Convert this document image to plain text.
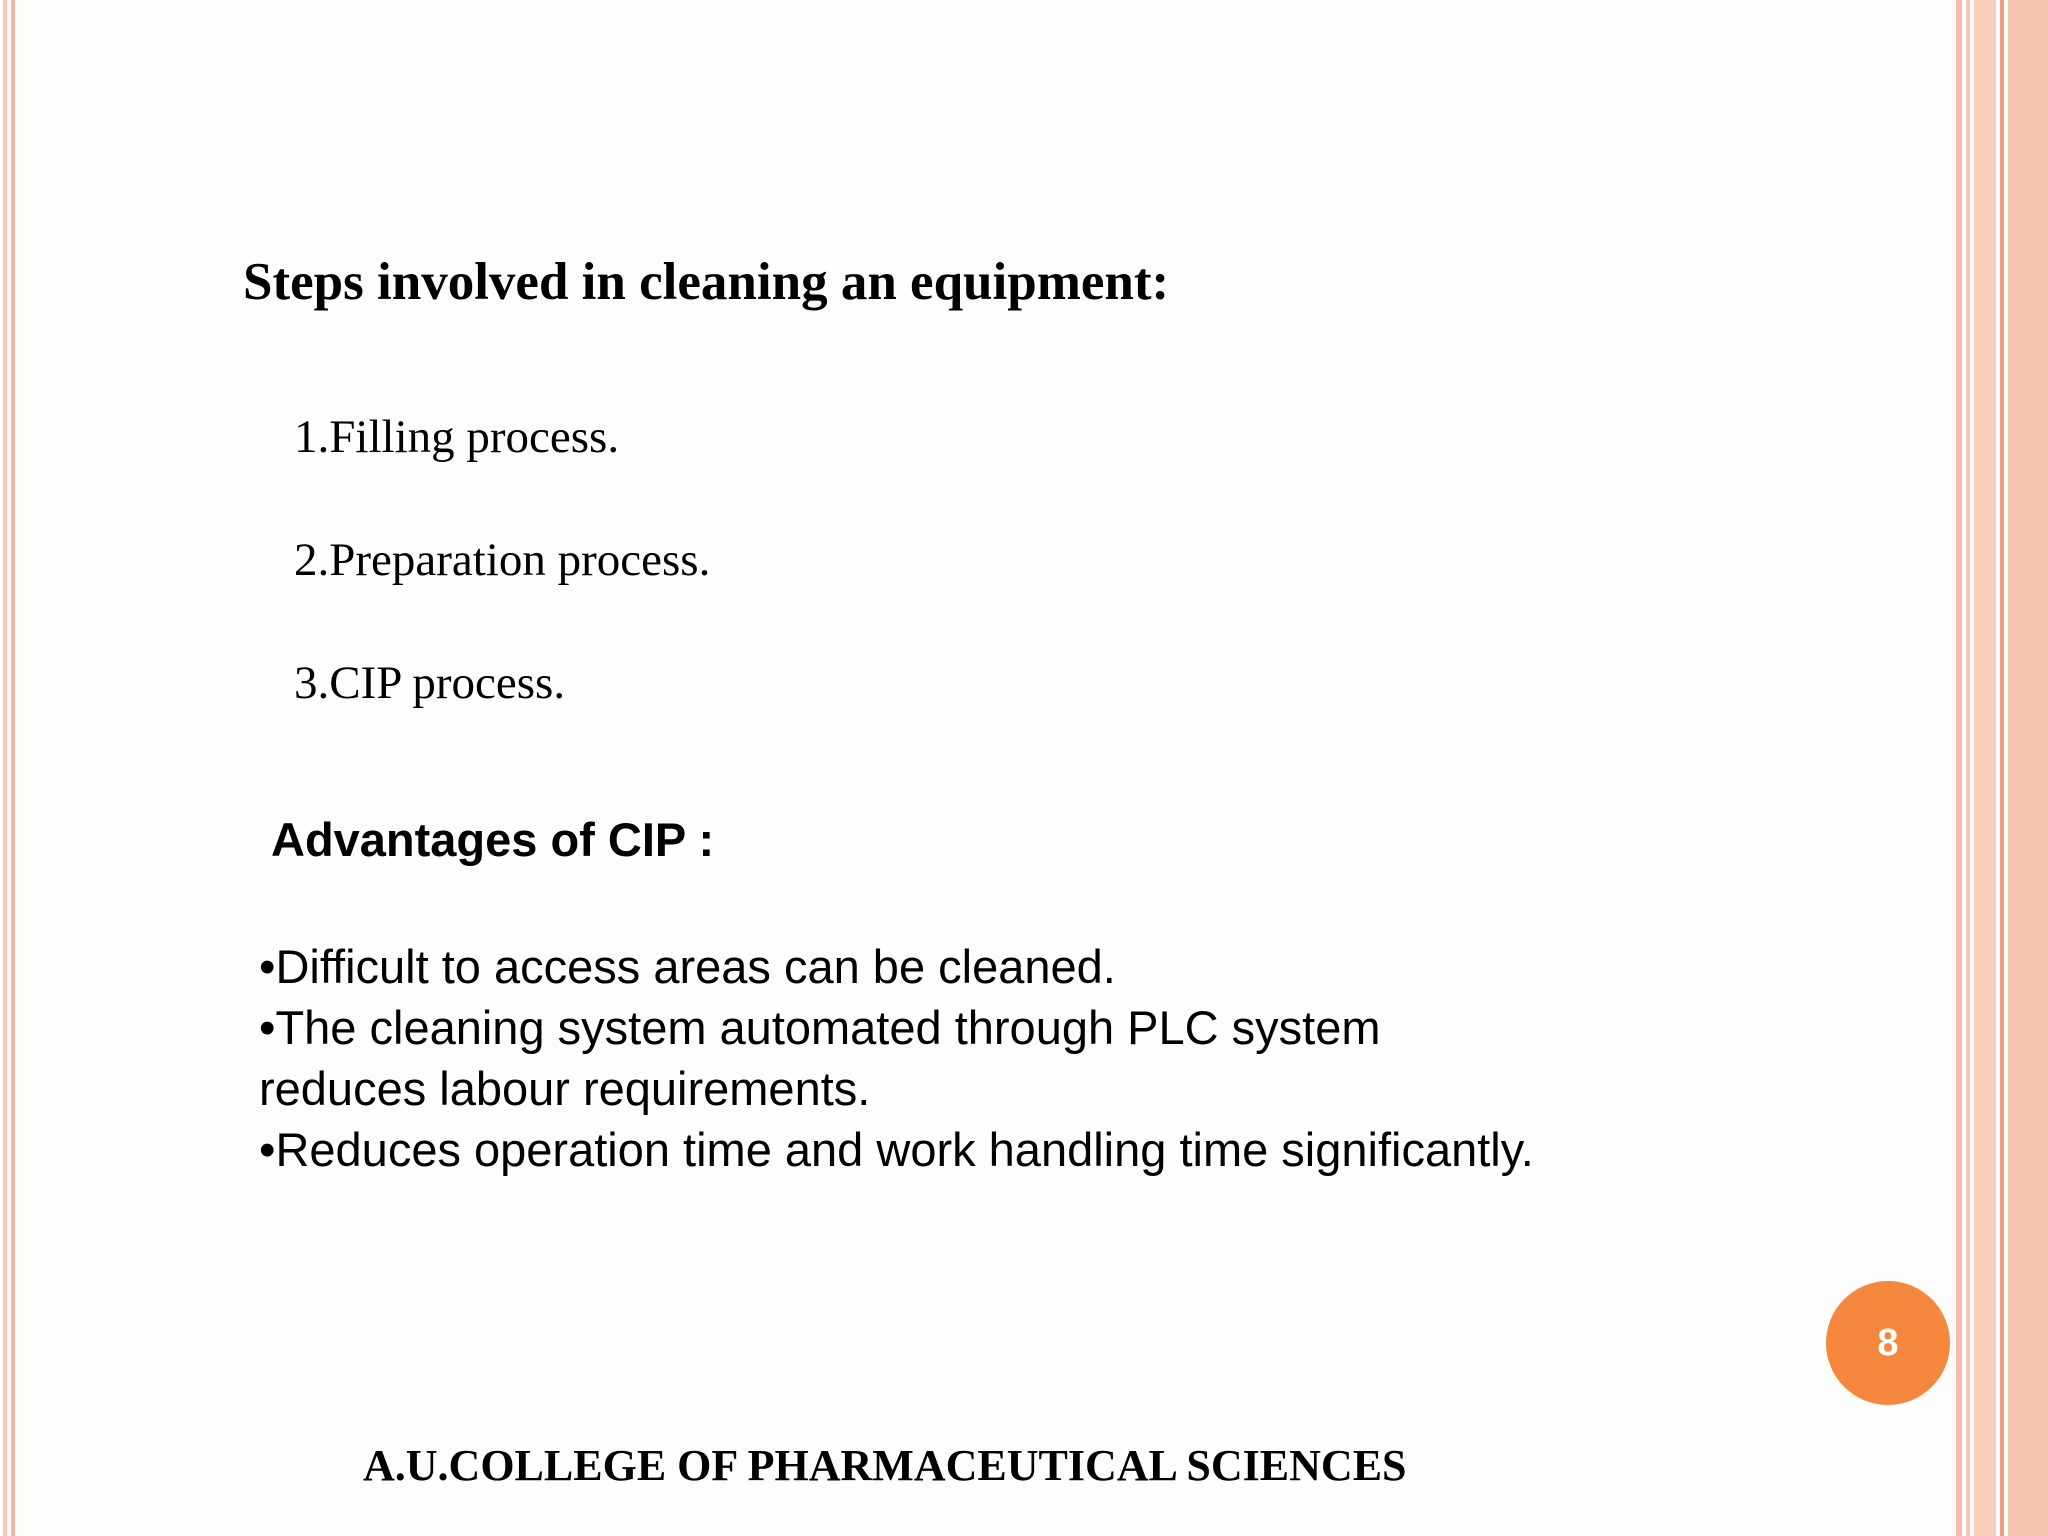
Steps involved in cleaning an equipment:
1.Filling process.
2.Preparation process.
3.CIP process.
Advantages of CIP :
•Difficult to access areas can be cleaned.
•The cleaning system automated through PLC system reduces labour requirements.
•Reduces operation time and work handling time significantly.
8

A.U.COLLEGE OF PHARMACEUTICAL SCIENCES
